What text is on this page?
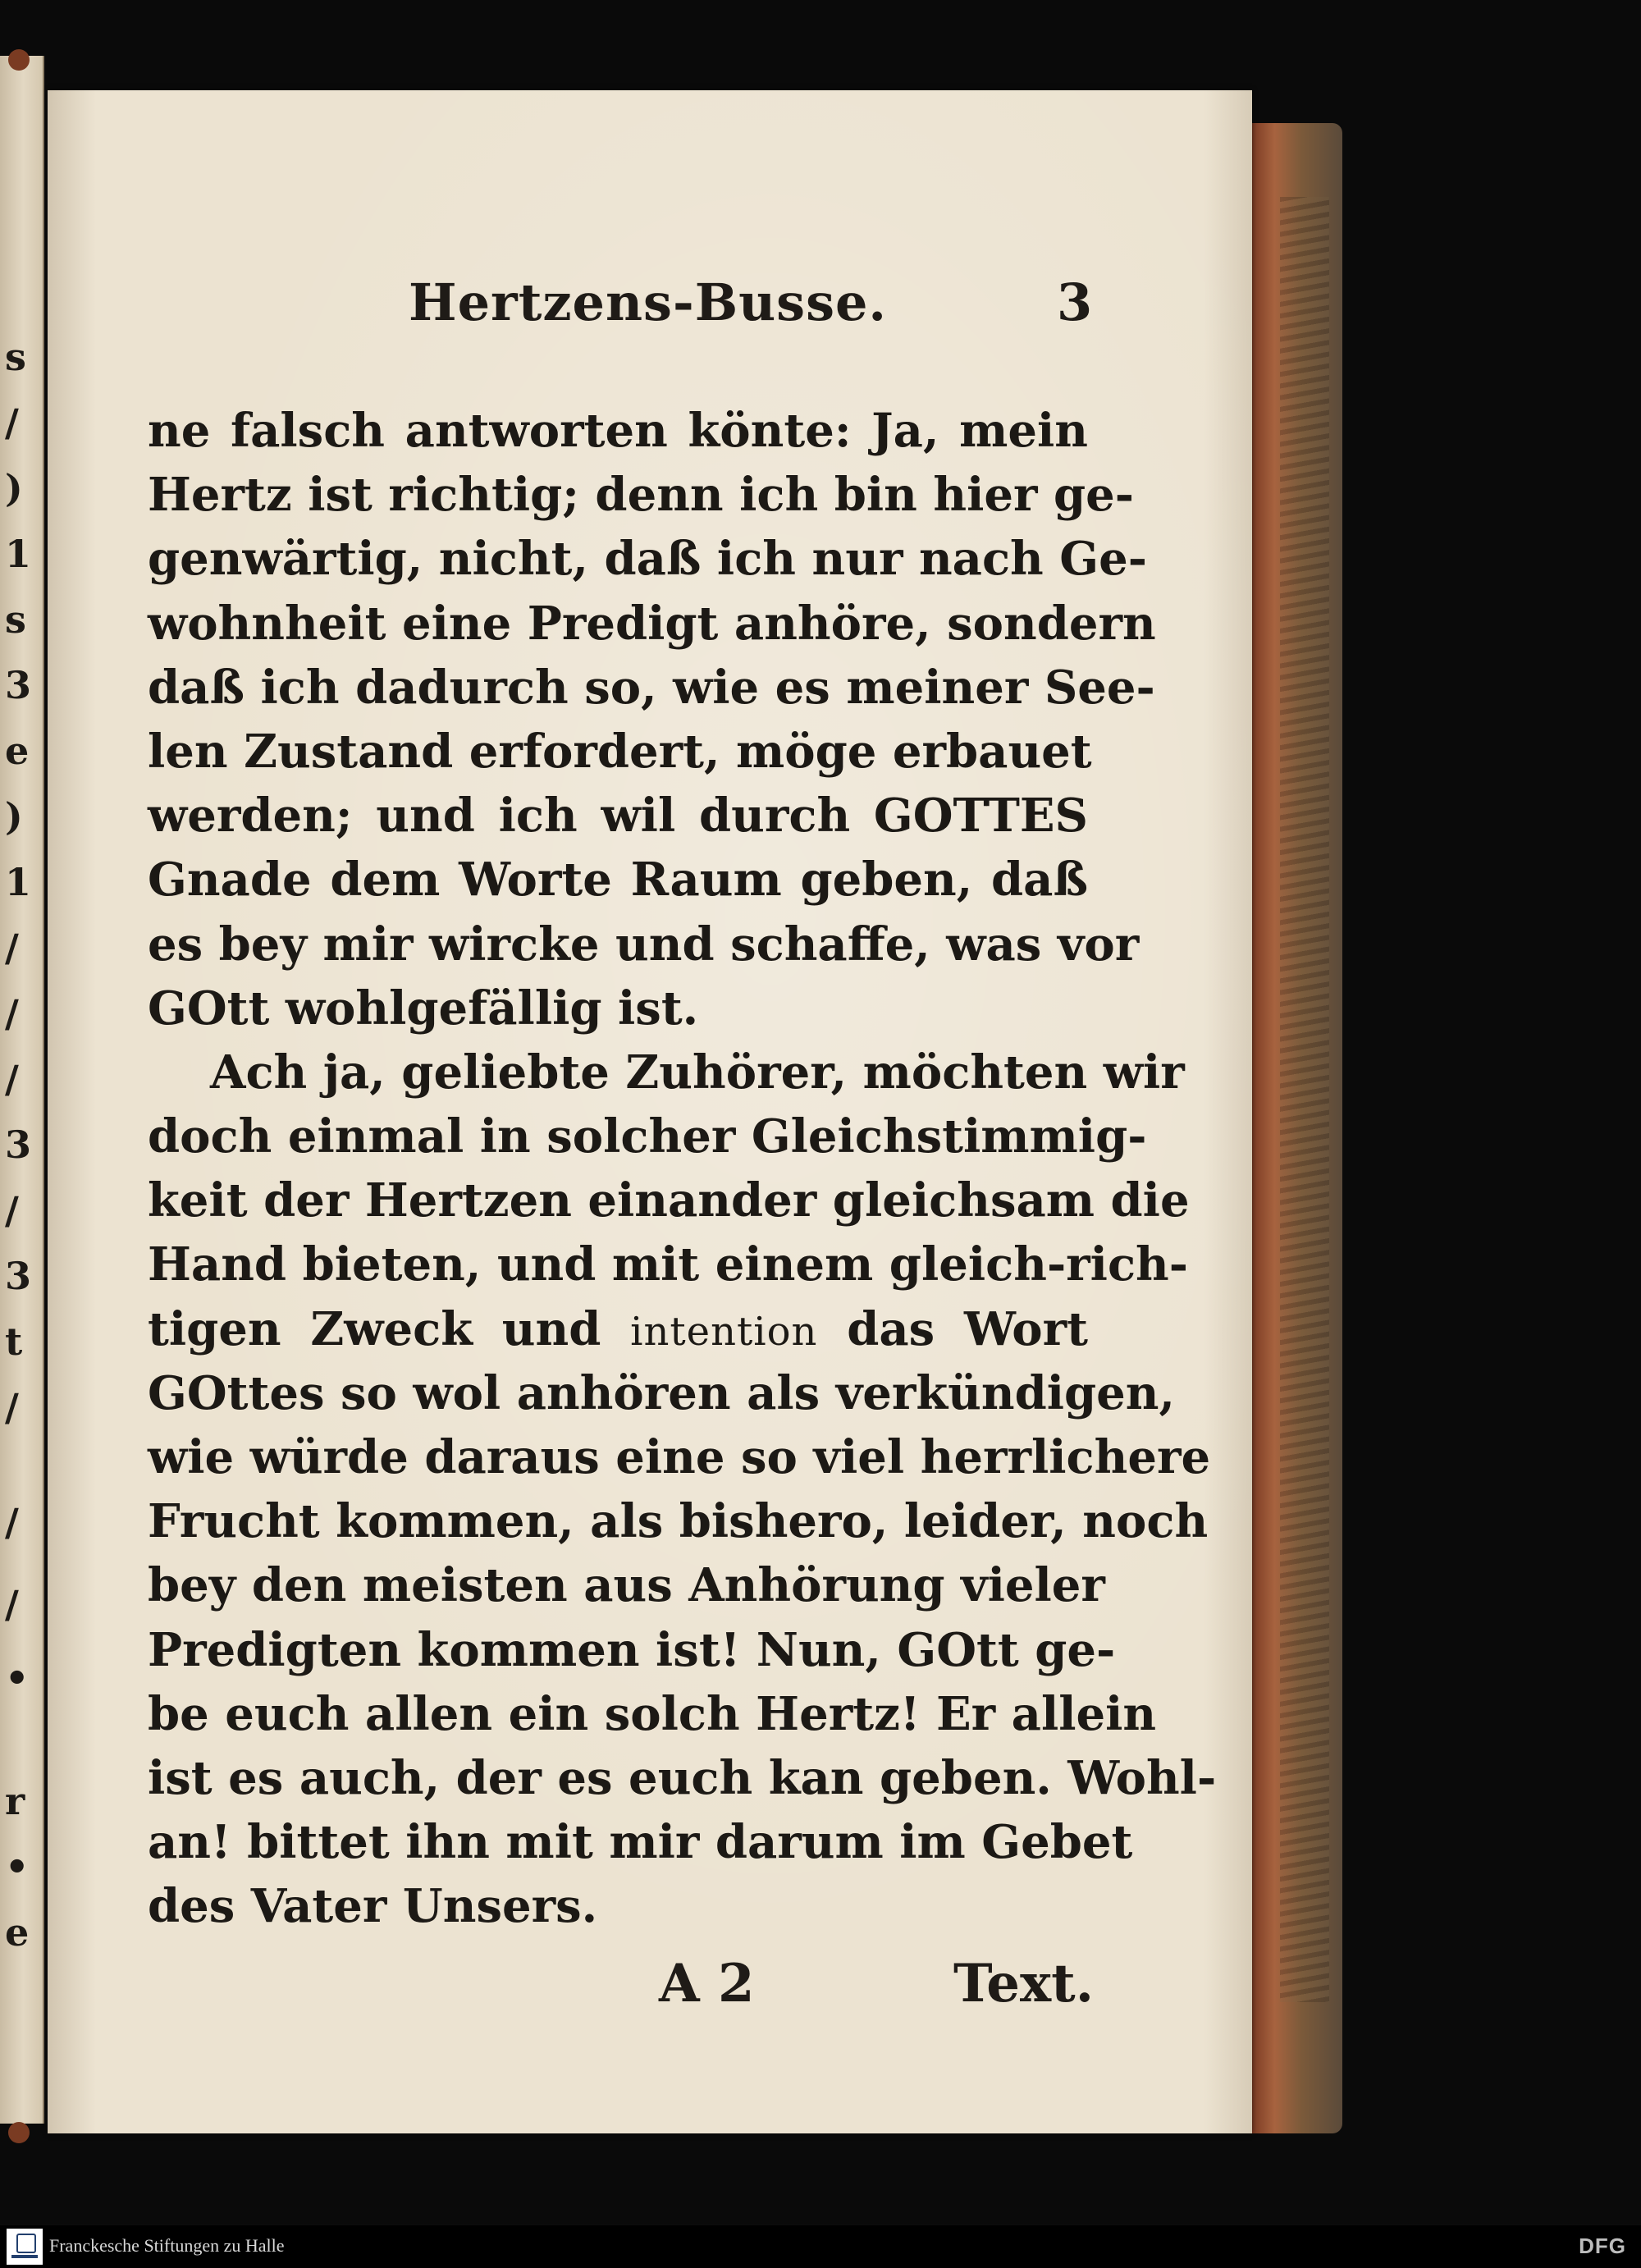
s
/
)
1
s
3
e
)
1
/
/
/
3
/
3
t
/
/
/
•
r
•
e
Hertzens-Busse.	3
ne falsch antworten könte: Ja, mein
Hertz ist richtig; denn ich bin hier ge-
genwärtig, nicht, daß ich nur nach Ge-
wohnheit eine Predigt anhöre, sondern
daß ich dadurch so, wie es meiner See-
len Zustand erfordert, möge erbauet
werden; und ich wil durch GOTTES
Gnade dem Worte Raum geben, daß
es bey mir wircke und schaffe, was vor
GOtt wohlgefällig ist.
Ach ja, geliebte Zuhörer, möchten wir
doch einmal in solcher Gleichstimmig-
keit der Hertzen einander gleichsam die
Hand bieten, und mit einem gleich-rich-
tigen Zweck und intention das Wort
GOttes so wol anhören als verkündigen,
wie würde daraus eine so viel herrlichere
Frucht kommen, als bishero, leider, noch
bey den meisten aus Anhörung vieler
Predigten kommen ist! Nun, GOtt ge-
be euch allen ein solch Hertz! Er allein
ist es auch, der es euch kan geben. Wohl-
an! bittet ihn mit mir darum im Gebet
des Vater Unsers.
A 2	Text.
Franckesche Stiftungen zu Halle	DFG
